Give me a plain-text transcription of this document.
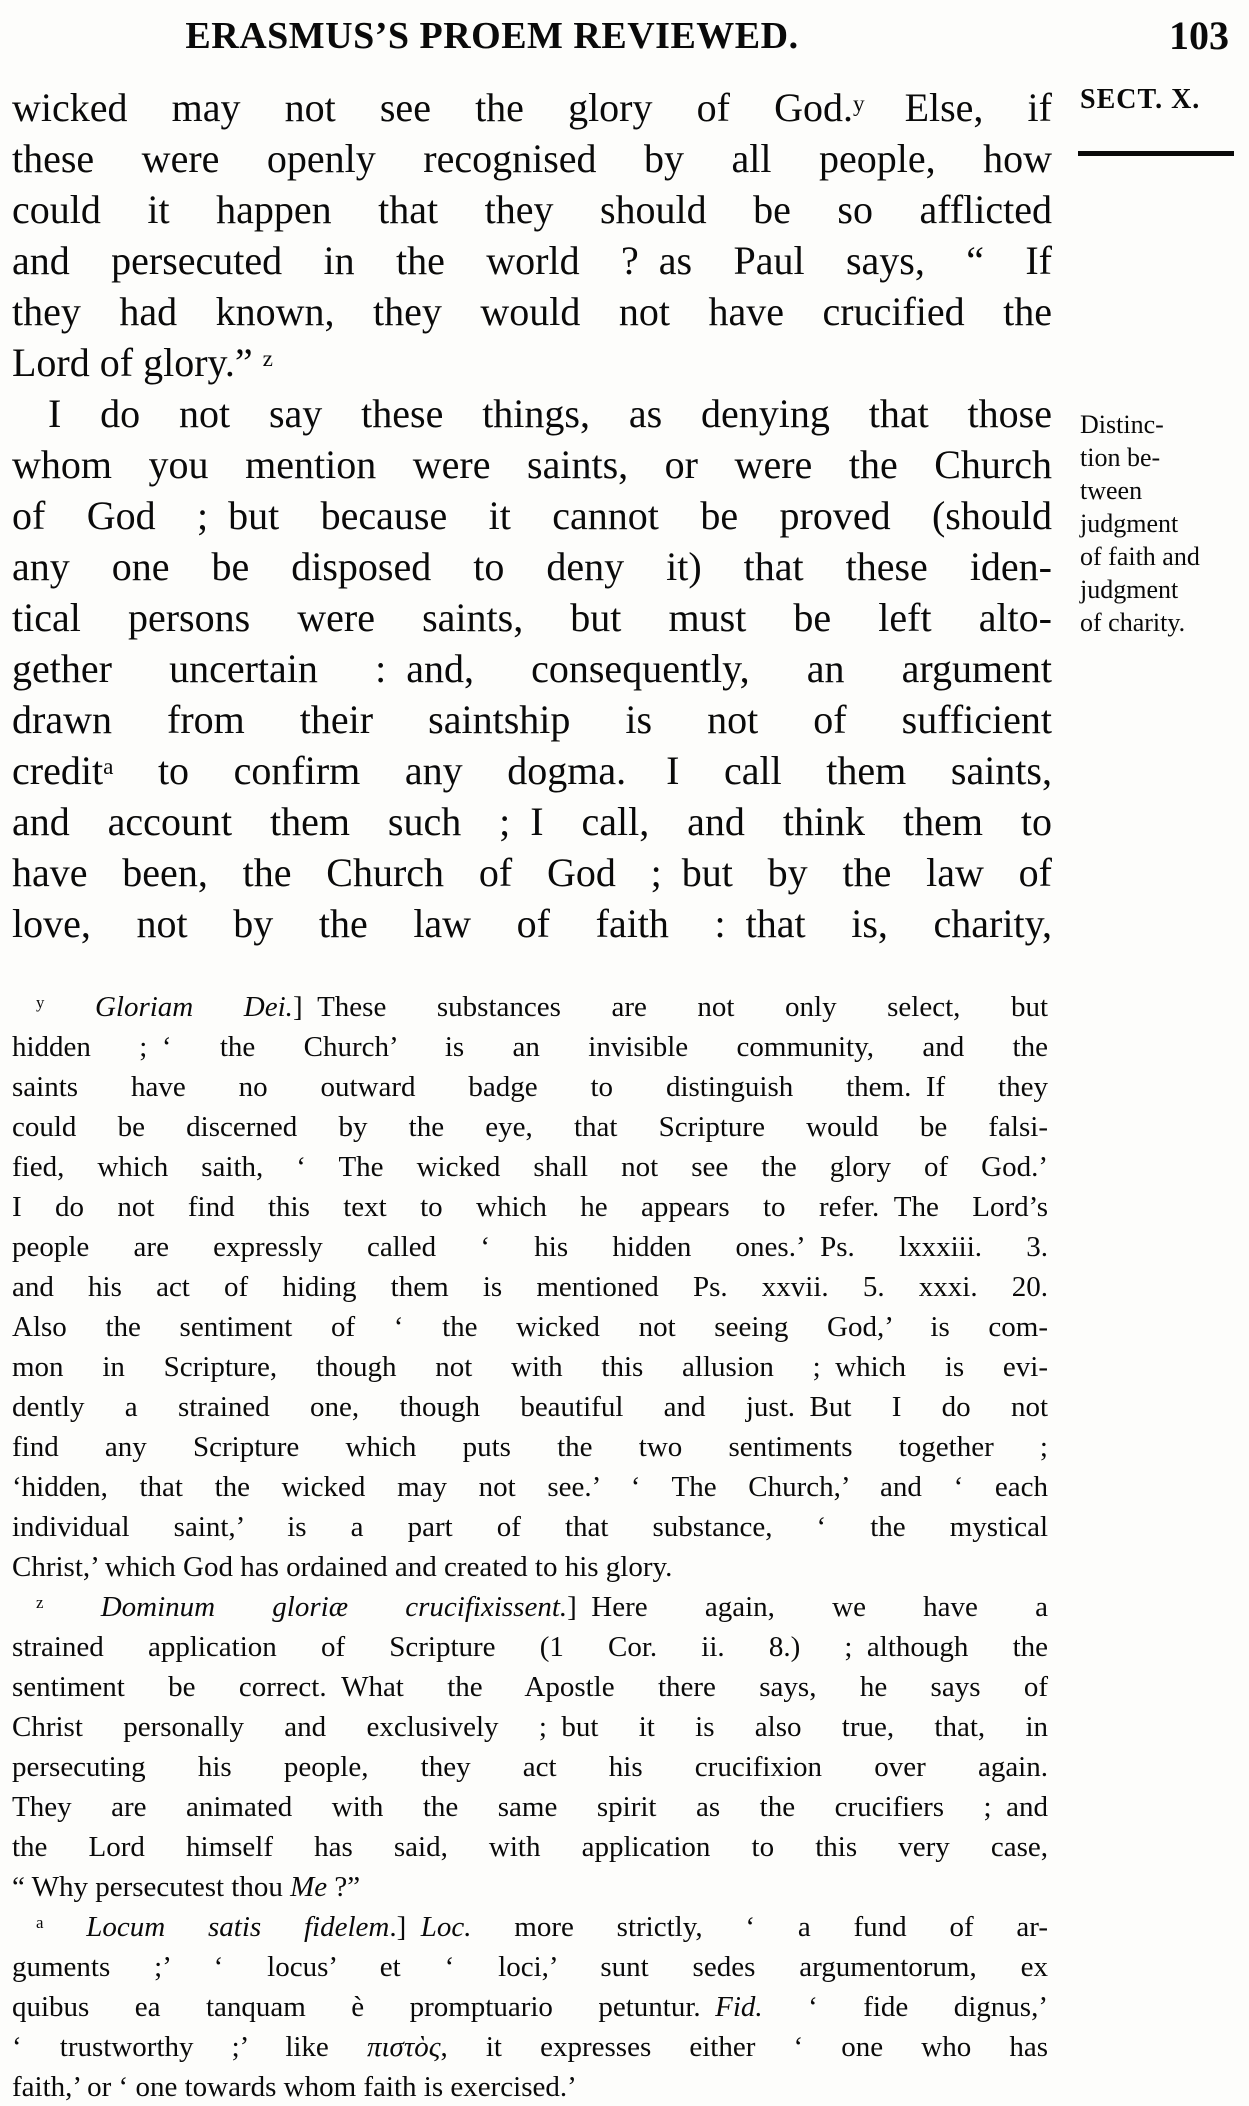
ERASMUS’S PROEM REVIEWED.	103
wicked may not see the glory of God.$^y$ Else, if
these were openly recognised by all people, how
could it happen that they should be so afflicted
and persecuted in the world ? as Paul says, “ If
they had known, they would not have crucified the
Lord of glory.” $^z$
I do not say these things, as denying that those
whom you mention were saints, or were the Church
of God ; but because it cannot be proved (should
any one be disposed to deny it) that these iden-
tical persons were saints, but must be left alto-
gether uncertain : and, consequently, an argument
drawn from their saintship is not of sufficient
credit$^a$ to confirm any dogma. I call them saints,
and account them such ; I call, and think them to
have been, the Church of God ; but by the law of
love, not by the law of faith : that is, charity,
SECT. X.
Distinc-
tion be-
tween
judgment
of faith and
judgment
of charity.
$^y$ Gloriam Dei.] These substances are not only select, but
hidden ; ‘ the Church’ is an invisible community, and the
saints have no outward badge to distinguish them. If they
could be discerned by the eye, that Scripture would be falsi-
fied, which saith, ‘ The wicked shall not see the glory of God.’
I do not find this text to which he appears to refer. The Lord’s
people are expressly called ‘ his hidden ones.’ Ps. lxxxiii. 3.
and his act of hiding them is mentioned Ps. xxvii. 5. xxxi. 20.
Also the sentiment of ‘ the wicked not seeing God,’ is com-
mon in Scripture, though not with this allusion ; which is evi-
dently a strained one, though beautiful and just. But I do not
find any Scripture which puts the two sentiments together ;
‘hidden, that the wicked may not see.’ ‘ The Church,’ and ‘ each
individual saint,’ is a part of that substance, ‘ the mystical
Christ,’ which God has ordained and created to his glory.
$^z$ Dominum gloriæ crucifixissent.] Here again, we have a
strained application of Scripture (1 Cor. ii. 8.) ; although the
sentiment be correct. What the Apostle there says, he says of
Christ personally and exclusively ; but it is also true, that, in
persecuting his people, they act his crucifixion over again.
They are animated with the same spirit as the crucifiers ; and
the Lord himself has said, with application to this very case,
“ Why persecutest thou Me ?”
$^a$ Locum satis fidelem.] Loc. more strictly, ‘ a fund of ar-
guments ;’ ‘ locus’ et ‘ loci,’ sunt sedes argumentorum, ex
quibus ea tanquam è promptuario petuntur. Fid. ‘ fide dignus,’
‘ trustworthy ;’ like πιστὸς, it expresses either ‘ one who has
faith,’ or ‘ one towards whom faith is exercised.’
